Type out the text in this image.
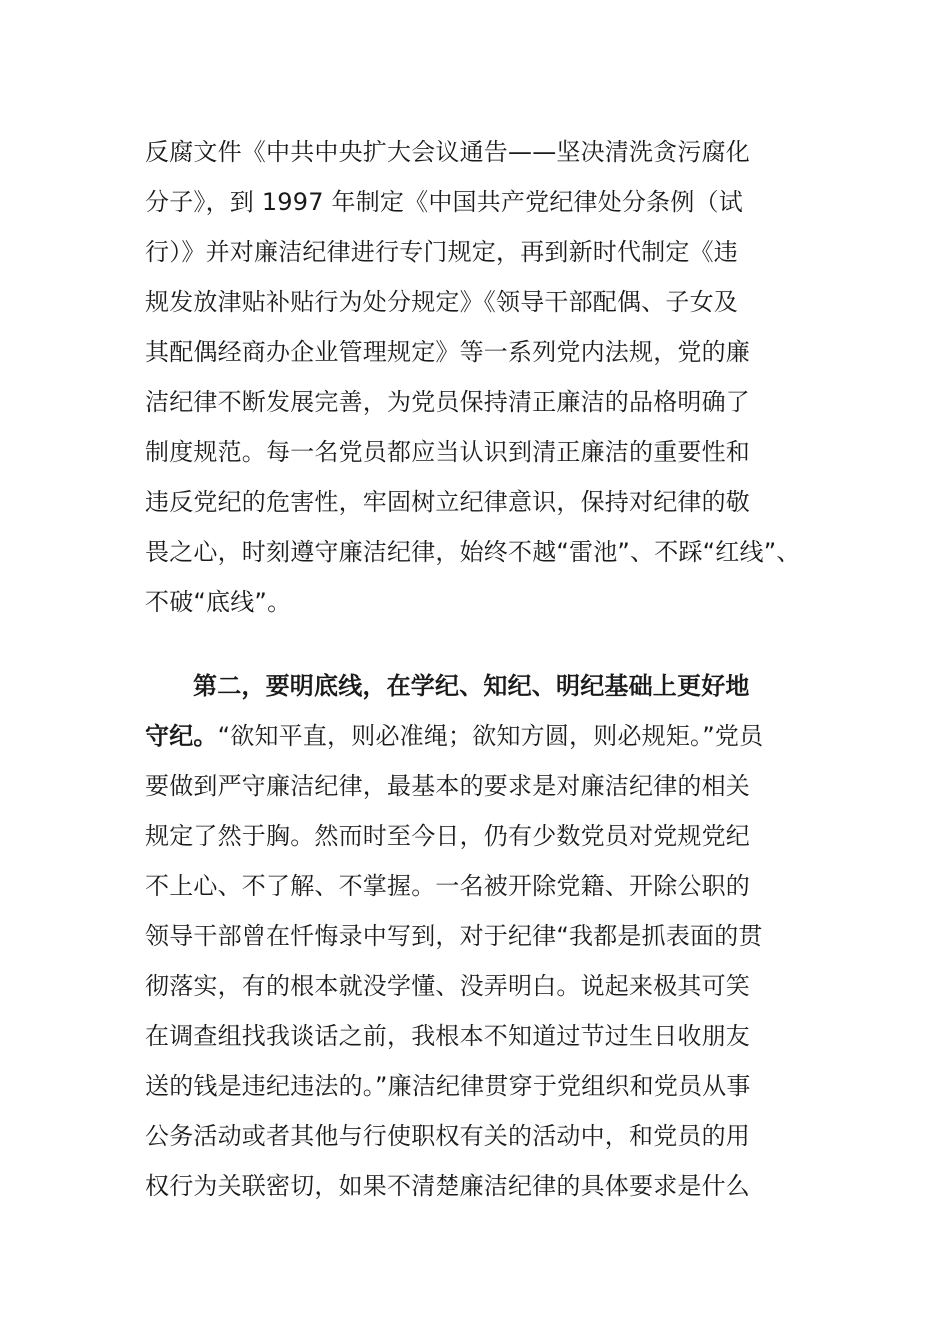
反腐文件《中共中央扩大会议通告——坚决清洗贪污腐化
分子》，到 1997 年制定《中国共产党纪律处分条例（试
行）》并对廉洁纪律进行专门规定，再到新时代制定《违
规发放津贴补贴行为处分规定》《领导干部配偶、子女及
其配偶经商办企业管理规定》等一系列党内法规，党的廉
洁纪律不断发展完善，为党员保持清正廉洁的品格明确了
制度规范。每一名党员都应当认识到清正廉洁的重要性和
违反党纪的危害性，牢固树立纪律意识，保持对纪律的敬
畏之心，时刻遵守廉洁纪律，始终不越“雷池”、不踩“红线”、
不破“底线”。
第二，要明底线，在学纪、知纪、明纪基础上更好地
守纪。“欲知平直，则必准绳；欲知方圆，则必规矩。”党员
要做到严守廉洁纪律，最基本的要求是对廉洁纪律的相关
规定了然于胸。然而时至今日，仍有少数党员对党规党纪
不上心、不了解、不掌握。一名被开除党籍、开除公职的
领导干部曾在忏悔录中写到，对于纪律“我都是抓表面的贯
彻落实，有的根本就没学懂、没弄明白。说起来极其可笑
在调查组找我谈话之前，我根本不知道过节过生日收朋友
送的钱是违纪违法的。”廉洁纪律贯穿于党组织和党员从事
公务活动或者其他与行使职权有关的活动中，和党员的用
权行为关联密切，如果不清楚廉洁纪律的具体要求是什么
